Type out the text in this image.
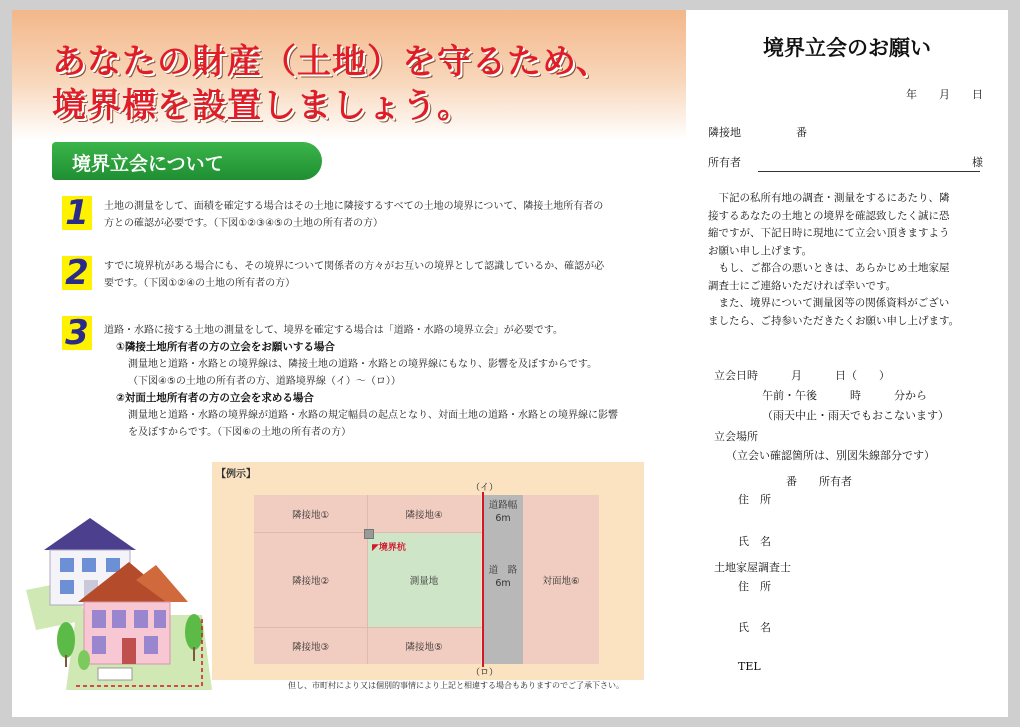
あなたの財産（土地）を守るため、
境界標を設置しましょう。
境界立会について
1	土地の測量をして、面積を確定する場合はその土地に隣接するすべての土地の境界について、隣接土地所有者の
方との確認が必要です。（下図①②③④⑤の土地の所有者の方）
2	すでに境界杭がある場合にも、その境界について関係者の方々がお互いの境界として認識しているか、確認が必
要です。（下図①②④の土地の所有者の方）
3	道路・水路に接する土地の測量をして、境界を確定する場合は「道路・水路の境界立会」が必要です。
①隣接土地所有者の方の立会をお願いする場合
測量地と道路・水路との境界線は、隣接土地の道路・水路との境界線にもなり、影響を及ぼすからです。
（下図④⑤の土地の所有者の方、道路境界線（イ）～（ロ））
②対面土地所有者の方の立会を求める場合
測量地と道路・水路の境界線が道路・水路の規定幅員の起点となり、対面土地の道路・水路との境界線に影響
を及ぼすからです。（下図⑥の土地の所有者の方）
【例示】
隣接地①	隣接地④
隣接地②	測量地
隣接地③	隣接地⑤
道路幅
6m
道　路
6m	対面地⑥
（イ）
（ロ）
◤境界杭
但し、市町村により又は個別的事情により上記と相違する場合もありますのでご了承下さい。
境界立会のお願い
年　　月　　日
隣接地　　　　　番
所有者	様

下記の私所有地の調査・測量をするにあたり、隣

接するあなたの土地との境界を確認致したく誠に恐
縮ですが、下記日時に現地にて立会い頂きますよう
お願い申し上げます。

もし、ご都合の悪いときは、あらかじめ土地家屋

調査士にご連絡いただければ幸いです。

また、境界について測量図等の関係資料がござい

ましたら、ご持参いただきたくお願い申し上げます。
立会日時　　　月　　　日（　　）
午前・午後　　　時　　　分から
（雨天中止・雨天でもおこないます）
立会場所
（立会い確認箇所は、別図朱線部分です）
番　　所有者
住　所
氏　名
土地家屋調査士
住　所
氏　名
TEL
